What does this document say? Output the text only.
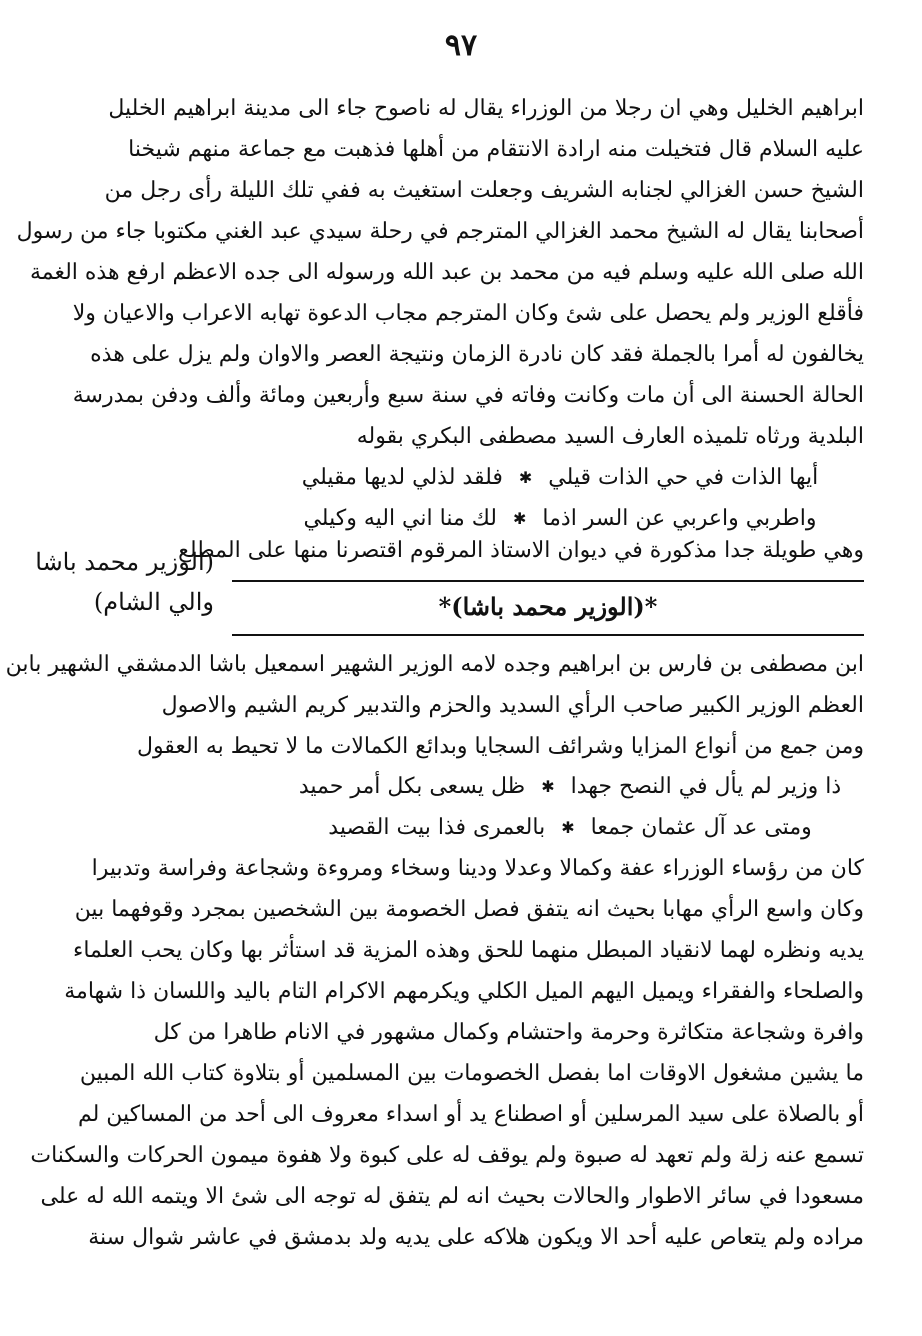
٩٧
ابراهيم الخليل وهي ان رجلا من الوزراء يقال له ناصوح جاء الى مدينة ابراهيم الخليل
عليه السلام قال فتخيلت منه ارادة الانتقام من أهلها فذهبت مع جماعة منهم شيخنا
الشيخ حسن الغزالي لجنابه الشريف وجعلت استغيث به ففي تلك الليلة رأى رجل من
أصحابنا يقال له الشيخ محمد الغزالي المترجم في رحلة سيدي عبد الغني مكتوبا جاء من رسول
الله صلى الله عليه وسلم فيه من محمد بن عبد الله ورسوله الى جده الاعظم ارفع هذه الغمة
فأقلع الوزير ولم يحصل على شئ وكان المترجم مجاب الدعوة تهابه الاعراب والاعيان ولا
يخالفون له أمرا بالجملة فقد كان نادرة الزمان ونتيجة العصر والاوان ولم يزل على هذه
الحالة الحسنة الى أن مات وكانت وفاته في سنة سبع وأربعين ومائة وألف ودفن بمدرسة
البلدية ورثاه تلميذه العارف السيد مصطفى البكري بقوله
أيها الذات في حي الذات قيلي
✱
فلقد لذلي لديها مقيلي
واطربي واعربي عن السر اذما
✱
لك منا اني اليه وكيلي
وهي طويلة جدا مذكورة في ديوان الاستاذ المرقوم اقتصرنا منها على المطلع
(الوزير محمد باشا والي الشام)	*(الوزير محمد باشا)*
ابن مصطفى بن فارس بن ابراهيم وجده لامه الوزير الشهير اسمعيل باشا الدمشقي الشهير بابن
العظم الوزير الكبير صاحب الرأي السديد والحزم والتدبير كريم الشيم والاصول
ومن جمع من أنواع المزايا وشرائف السجايا وبدائع الكمالات ما لا تحيط به العقول
ذا وزير لم يأل في النصح جهدا
✱
ظل يسعى بكل أمر حميد
ومتى عد آل عثمان جمعا
✱
بالعمرى فذا بيت القصيد
كان من رؤساء الوزراء عفة وكمالا وعدلا ودينا وسخاء ومروءة وشجاعة وفراسة وتدبيرا
وكان واسع الرأي مهابا بحيث انه يتفق فصل الخصومة بين الشخصين بمجرد وقوفهما بين
يديه ونظره لهما لانقياد المبطل منهما للحق وهذه المزية قد استأثر بها وكان يحب العلماء
والصلحاء والفقراء ويميل اليهم الميل الكلي ويكرمهم الاكرام التام باليد واللسان ذا شهامة
وافرة وشجاعة متكاثرة وحرمة واحتشام وكمال مشهور في الانام طاهرا من كل
ما يشين مشغول الاوقات اما بفصل الخصومات بين المسلمين أو بتلاوة كتاب الله المبين
أو بالصلاة على سيد المرسلين أو اصطناع يد أو اسداء معروف الى أحد من المساكين لم
تسمع عنه زلة ولم تعهد له صبوة ولم يوقف له على كبوة ولا هفوة ميمون الحركات والسكنات
مسعودا في سائر الاطوار والحالات بحيث انه لم يتفق له توجه الى شئ الا ويتمه الله له على
مراده ولم يتعاص عليه أحد الا ويكون هلاكه على يديه ولد بدمشق في عاشر شوال سنة
